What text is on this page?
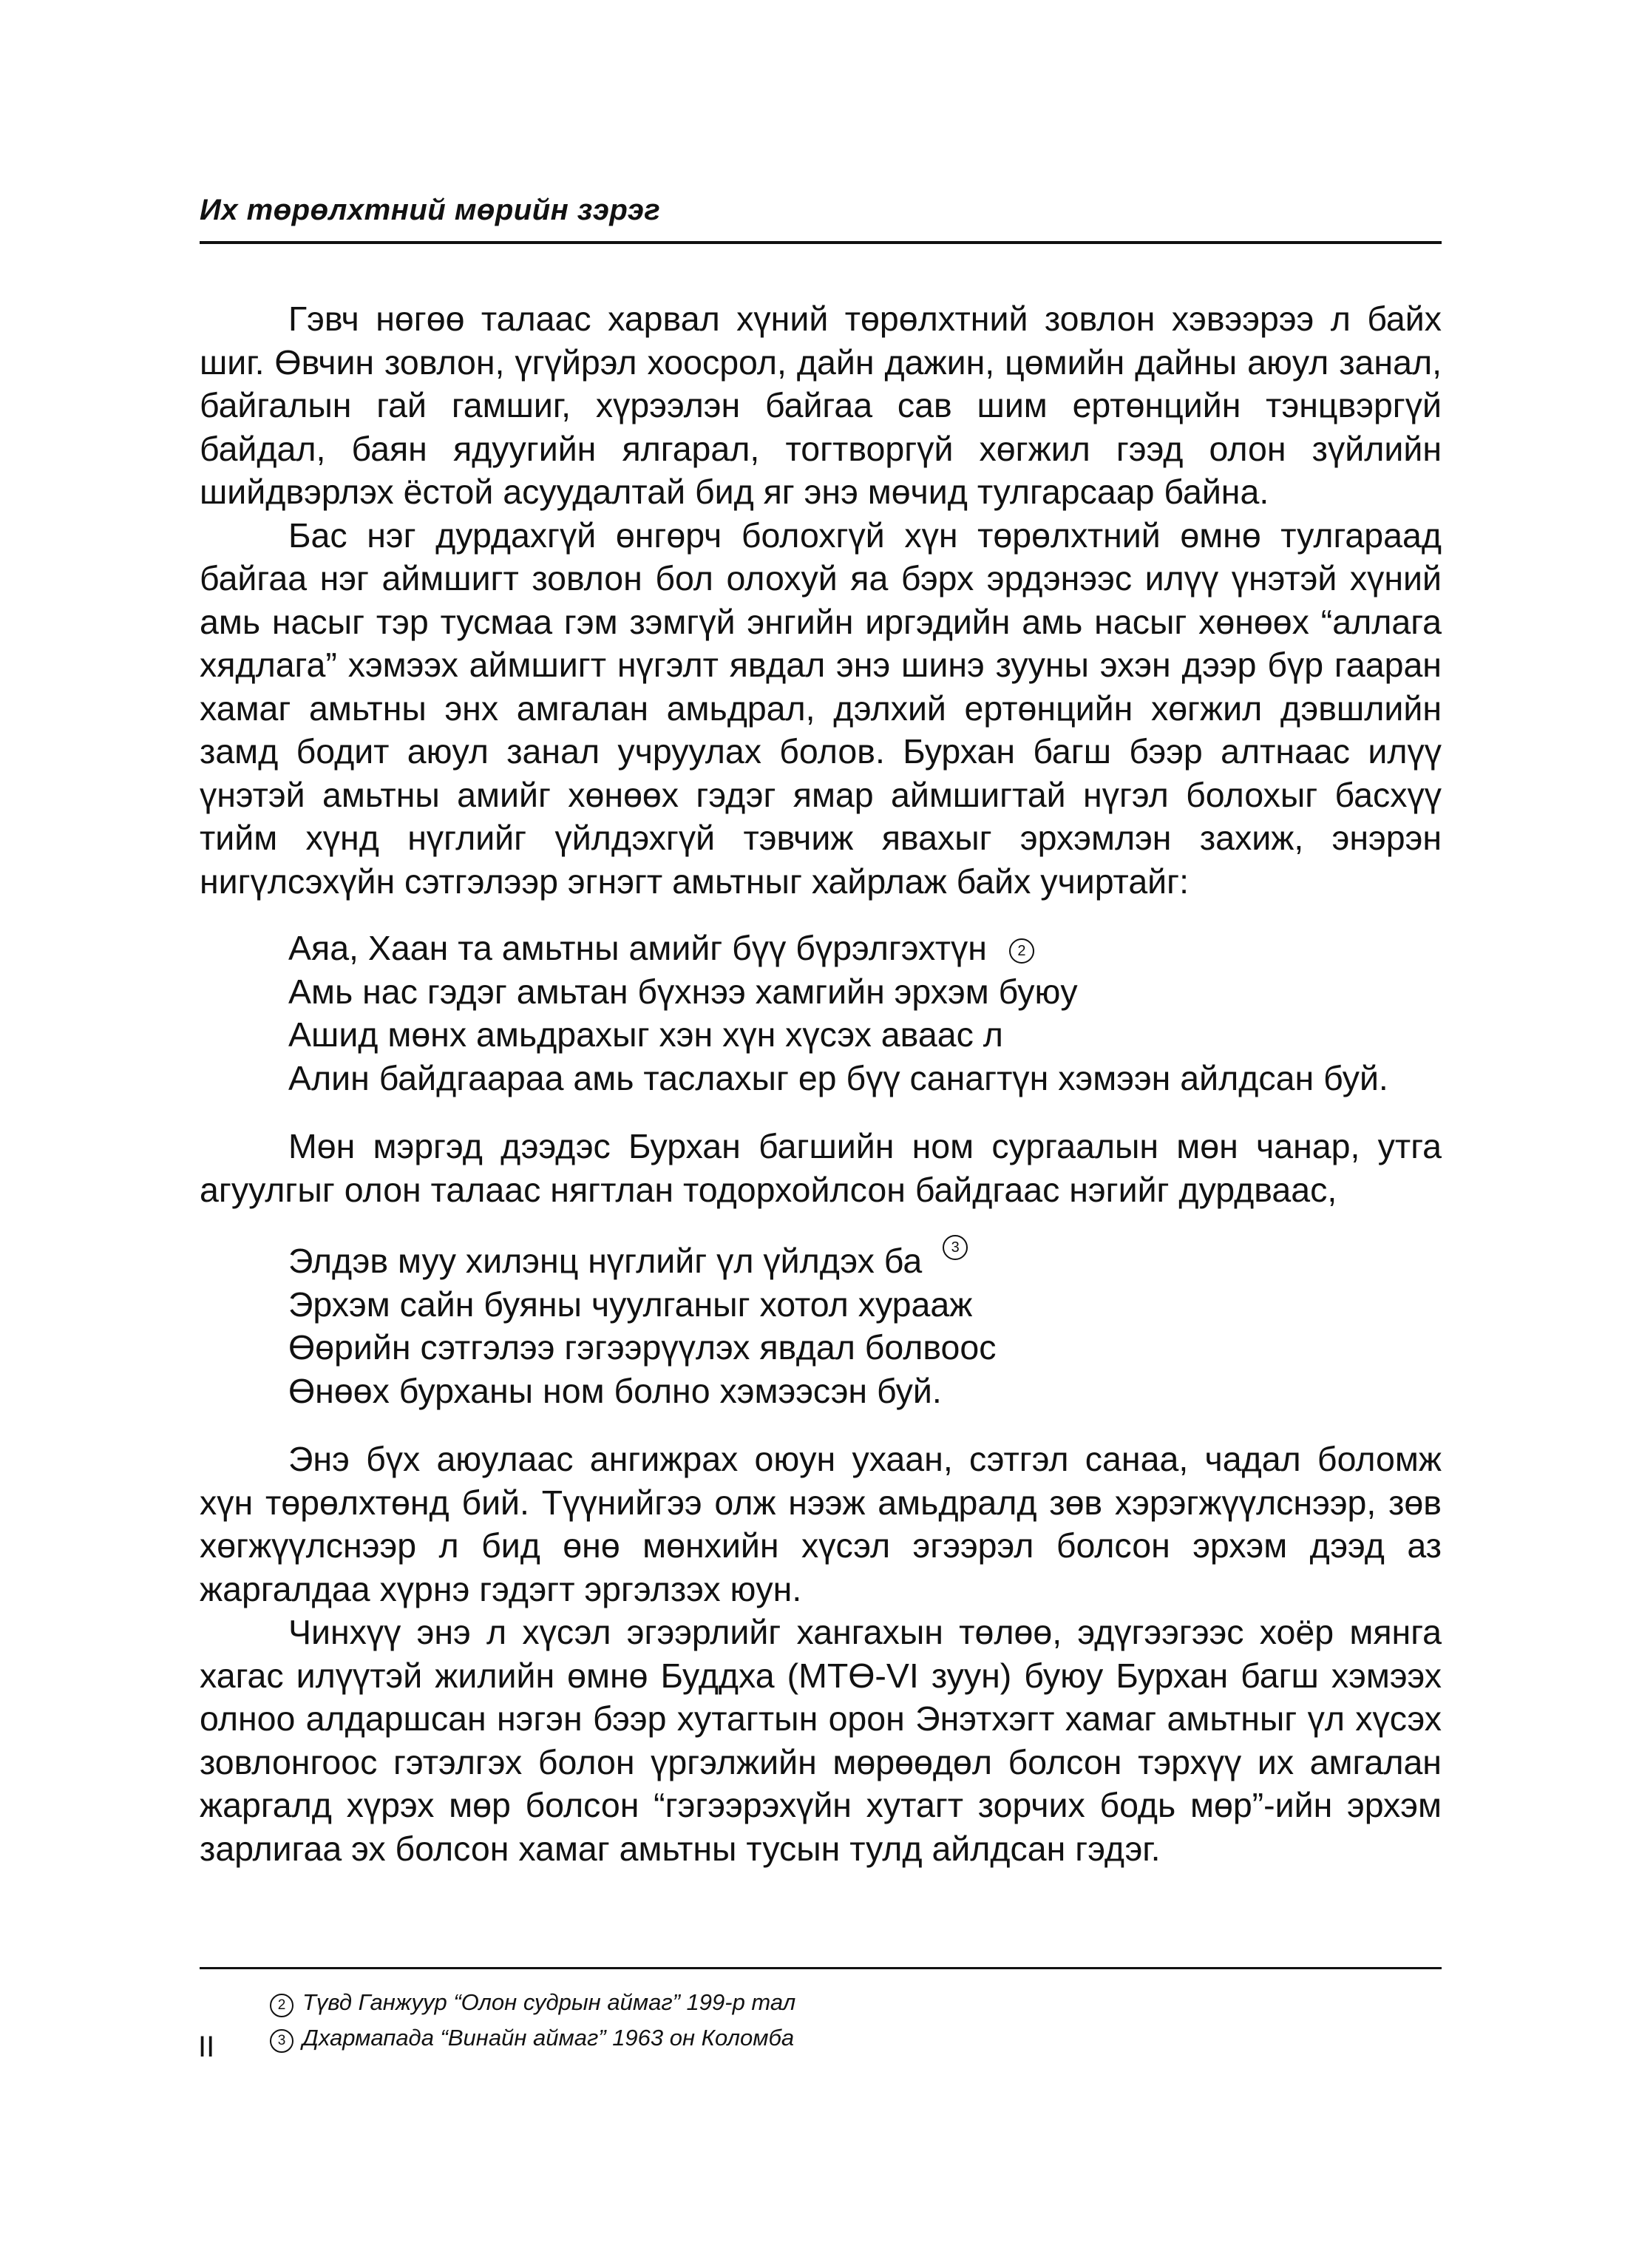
Их төрөлхтний мөрийн зэрэг

Гэвч нөгөө талаас харвал хүний төрөлхтний зовлон хэвээрээ л байх шиг. Өвчин зовлон, үгүйрэл хоосрол, дайн дажин, цөмийн дайны аюул занал, байгалын гай гамшиг, хүрээлэн байгаа сав шим ертөнцийн тэнцвэргүй байдал, баян ядуугийн ялгарал, тогтворгүй хөгжил гээд олон зүйлийн шийдвэрлэх ёстой асуудалтай бид яг энэ мөчид тулгарсаар байна.

Бас нэг дурдахгүй өнгөрч болохгүй хүн төрөлхтний өмнө тулгараад байгаа нэг аймшигт зовлон бол олохуй яа бэрх эрдэнээс илүү үнэтэй хүний амь насыг тэр тусмаа гэм зэмгүй энгийн иргэдийн амь насыг хөнөөх “аллага хядлага” хэмээх аймшигт нүгэлт явдал энэ шинэ зууны эхэн дээр бүр гааран хамаг амьтны энх амгалан амьдрал, дэлхий ертөнцийн хөгжил дэвшлийн замд бодит аюул занал учруулах болов. Бурхан багш бээр алтнаас илүү үнэтэй амьтны амийг хөнөөх гэдэг ямар аймшигтай нүгэл болохыг басхүү тийм хүнд нүглийг үйлдэхгүй тэвчиж явахыг эрхэмлэн захиж, энэрэн нигүлсэхүйн сэтгэлээр эгнэгт амьтныг хайрлаж байх учиртайг:

Аяа, Хаан та амьтны амийг бүү бүрэлгэхтүн 2
Амь нас гэдэг амьтан бүхнээ хамгийн эрхэм буюу
Ашид мөнх амьдрахыг хэн хүн хүсэх аваас л
Алин байдгаараа амь таслахыг ер бүү санагтүн хэмээн айлдсан буй.

Мөн мэргэд дээдэс Бурхан багшийн ном сургаалын мөн чанар, утга агуулгыг олон талаас нягтлан тодорхойлсон байдгаас нэгийг дурдваас,

Элдэв муу хилэнц нүглийг үл үйлдэх ба 3
Эрхэм сайн буяны чуулганыг хотол хурааж
Өөрийн сэтгэлээ гэгээрүүлэх явдал болвоос
Өнөөх бурханы ном болно хэмээсэн буй.

Энэ бүх аюулаас ангижрах оюун ухаан, сэтгэл санаа, чадал боломж хүн төрөлхтөнд бий. Түүнийгээ олж нээж амьдралд зөв хэрэгжүүлснээр, зөв хөгжүүлснээр л бид өнө мөнхийн хүсэл эгээрэл болсон эрхэм дээд аз жаргалдаа хүрнэ гэдэгт эргэлзэх юун.

Чинхүү энэ л хүсэл эгээрлийг хангахын төлөө, эдүгээгээс хоёр мянга хагас илүүтэй жилийн өмнө Буддха (МТӨ-VI зуун) буюу Бурхан багш хэмээх олноо алдаршсан нэгэн бээр хутагтын орон Энэтхэгт хамаг амьтныг үл хүсэх зовлонгоос гэтэлгэх болон үргэлжийн мөрөөдөл болсон тэрхүү их амгалан жаргалд хүрэх мөр болсон “гэгээрэхүйн хутагт зорчих бодь мөр”-ийн эрхэм зарлигаа эх болсон хамаг амьтны тусын тулд айлдсан гэдэг.

2 Түвд Ганжуур “Олон судрын аймаг” 199-р тал
3 Дхармапада “Винайн аймаг” 1963 он Коломба
II
